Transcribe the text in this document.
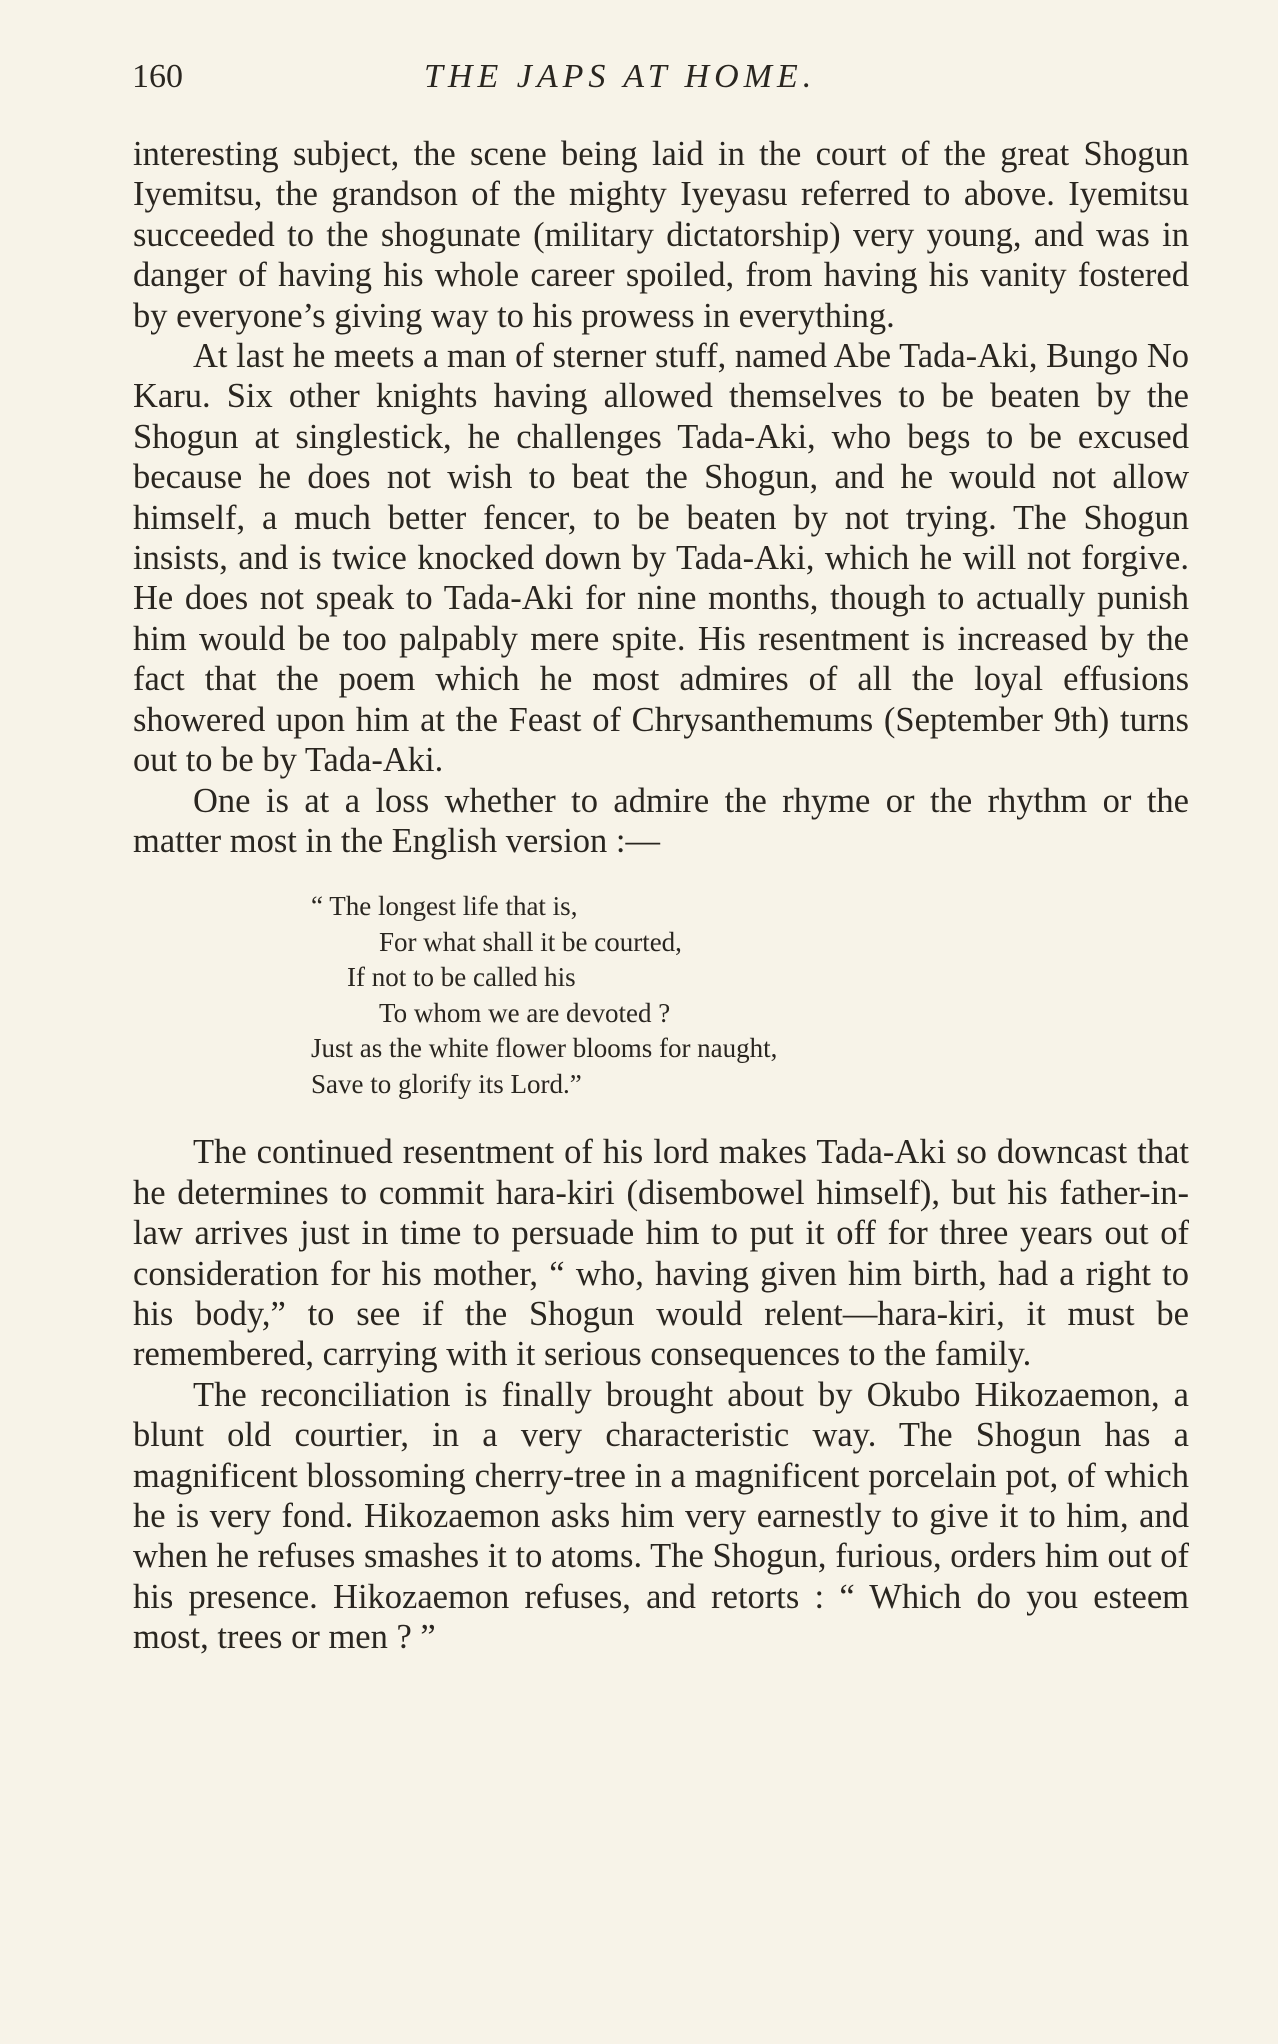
160	THE JAPS AT HOME.

interesting subject, the scene being laid in the court of the great Shogun Iyemitsu, the grandson of the mighty Iyeyasu referred to above. Iyemitsu succeeded to the shogunate (military dictatorship) very young, and was in danger of having his whole career spoiled, from having his vanity fostered by everyone’s giving way to his prowess in everything.

At last he meets a man of sterner stuff, named Abe Tada-Aki, Bungo No Karu. Six other knights having allowed themselves to be beaten by the Shogun at singlestick, he challenges Tada-Aki, who begs to be excused because he does not wish to beat the Shogun, and he would not allow himself, a much better fencer, to be beaten by not trying. The Shogun insists, and is twice knocked down by Tada-Aki, which he will not forgive. He does not speak to Tada-Aki for nine months, though to actually punish him would be too palpably mere spite. His resentment is increased by the fact that the poem which he most admires of all the loyal effusions showered upon him at the Feast of Chrysanthemums (September 9th) turns out to be by Tada-Aki.

One is at a loss whether to admire the rhyme or the rhythm or the matter most in the English version :—

“ The longest life that is,
For what shall it be courted,
If not to be called his
To whom we are devoted ?
Just as the white flower blooms for naught,
Save to glorify its Lord.”

The continued resentment of his lord makes Tada-Aki so downcast that he determines to commit hara-kiri (disembowel himself), but his father-in-law arrives just in time to persuade him to put it off for three years out of consideration for his mother, “ who, having given him birth, had a right to his body,” to see if the Shogun would relent—hara-kiri, it must be remembered, carrying with it serious consequences to the family.

The reconciliation is finally brought about by Okubo Hikozaemon, a blunt old courtier, in a very characteristic way. The Shogun has a magnificent blossoming cherry-tree in a magnificent porcelain pot, of which he is very fond. Hikozaemon asks him very earnestly to give it to him, and when he refuses smashes it to atoms. The Shogun, furious, orders him out of his presence. Hikozaemon refuses, and retorts : “ Which do you esteem most, trees or men ? ”
